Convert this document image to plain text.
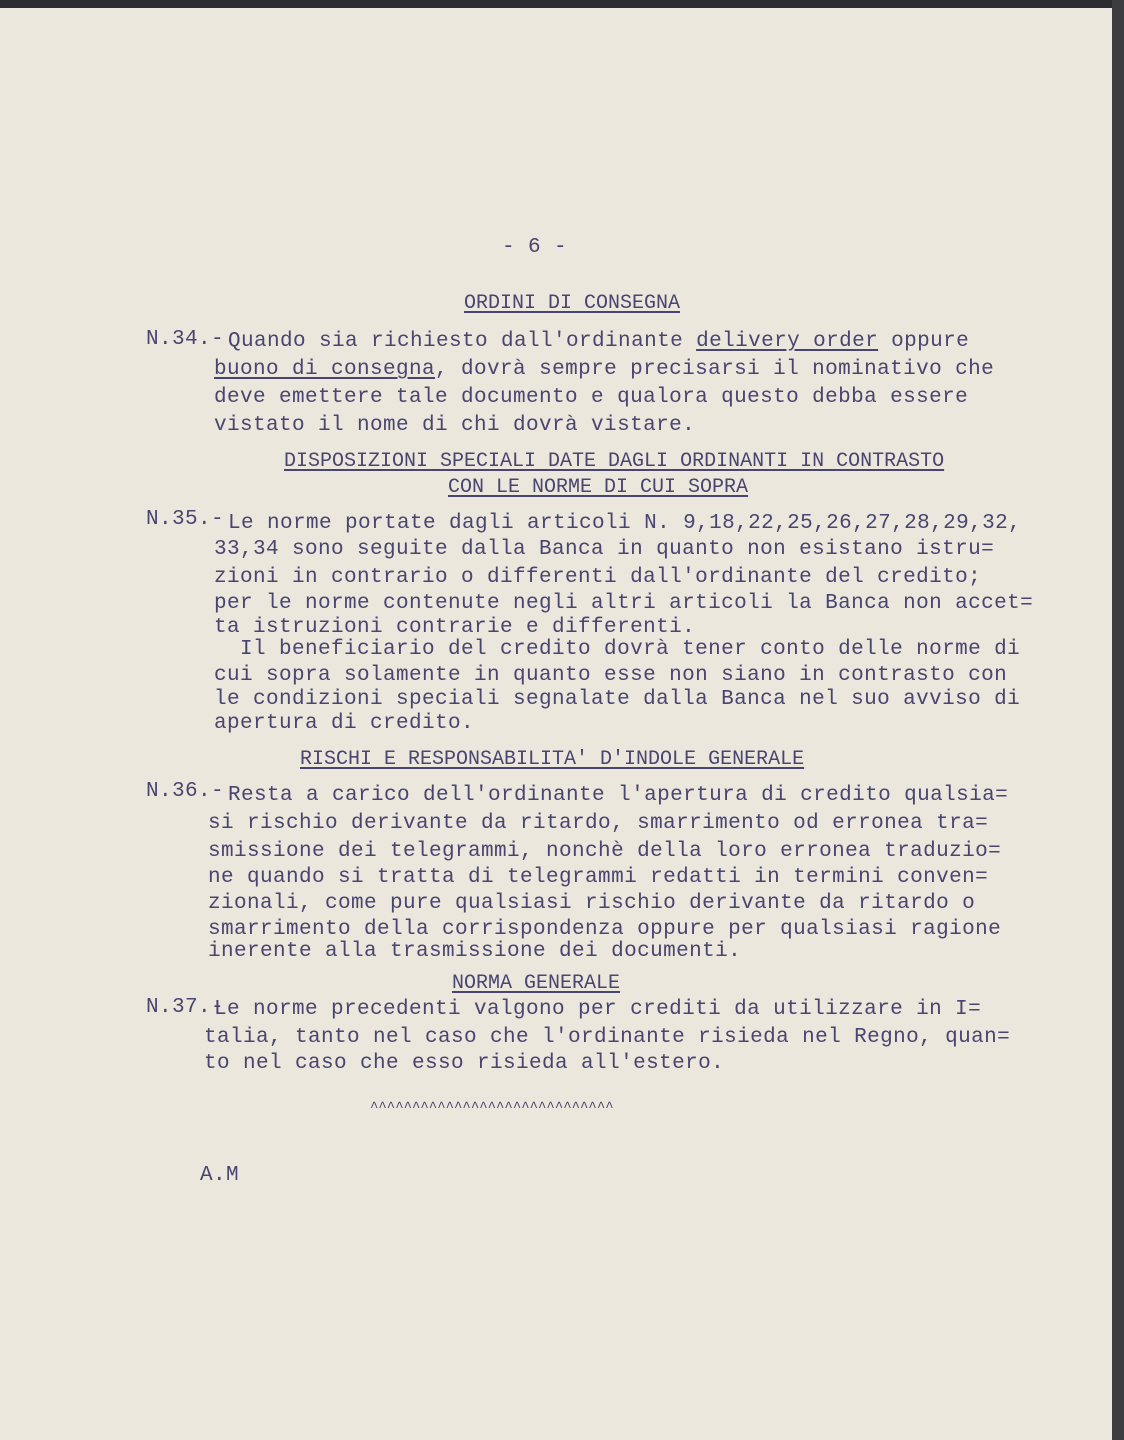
- 6 -
ORDINI DI CONSEGNA
N.34.- Quando sia richiesto dall'ordinante delivery order oppure
buono di consegna, dovrà sempre precisarsi il nominativo che
deve emettere tale documento e qualora questo debba essere
vistato il nome di chi dovrà vistare.
DISPOSIZIONI SPECIALI DATE DAGLI ORDINANTI IN CONTRASTO
CON LE NORME DI CUI SOPRA
N.35.- Le norme portate dagli articoli N. 9,18,22,25,26,27,28,29,32,
33,34 sono seguite dalla Banca in quanto non esistano istru=
zioni in contrario o differenti dall'ordinante del credito;
per le norme contenute negli altri articoli la Banca non accet=
ta istruzioni contrarie e differenti.
Il beneficiario del credito dovrà tener conto delle norme di
cui sopra solamente in quanto esse non siano in contrasto con
le condizioni speciali segnalate dalla Banca nel suo avviso di
apertura di credito.
RISCHI E RESPONSABILITA' D'INDOLE GENERALE
N.36.- Resta a carico dell'ordinante l'apertura di credito qualsia=
si rischio derivante da ritardo, smarrimento od erronea tra=
smissione dei telegrammi, nonchè della loro erronea traduzio=
ne quando si tratta di telegrammi redatti in termini conven=
zionali, come pure qualsiasi rischio derivante da ritardo o
smarrimento della corrispondenza oppure per qualsiasi ragione
inerente alla trasmissione dei documenti.
NORMA GENERALE
N.37.-
Le norme precedenti valgono per crediti da utilizzare in I=
talia, tanto nel caso che l'ordinante risieda nel Regno, quan=
to nel caso che esso risieda all'estero.
^^^^^^^^^^^^^^^^^^^^^^^^^^^^^
A.M
